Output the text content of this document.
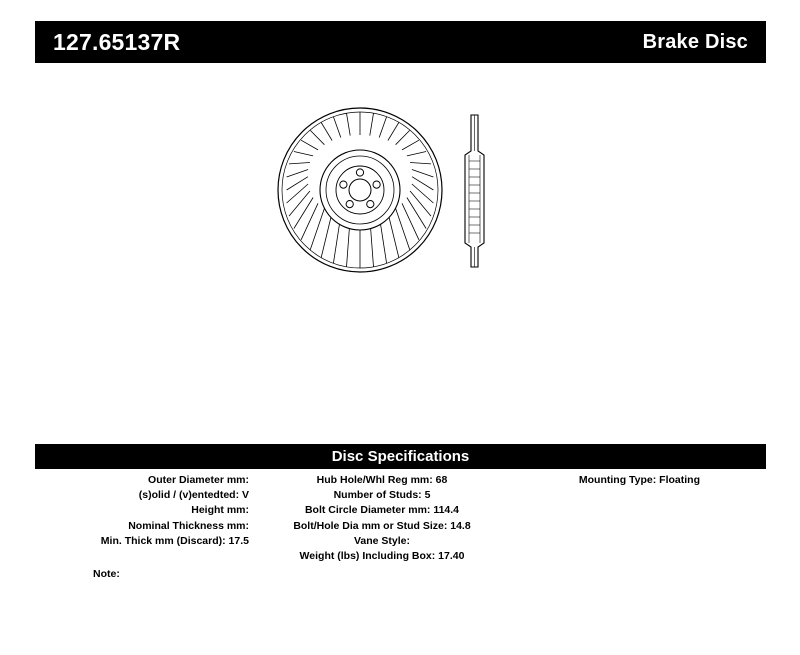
127.65137R	Brake Disc
Disc Specifications
Outer Diameter mm:
(s)olid / (v)entedted: V
Height mm:
Nominal Thickness mm:
Min. Thick mm (Discard): 17.5
Hub Hole/Whl Reg mm: 68
Number of Studs: 5
Bolt Circle Diameter mm: 114.4
Bolt/Hole Dia mm or Stud Size: 14.8
Vane Style:
Weight (lbs) Including Box: 17.40
Mounting Type: Floating
Note:
